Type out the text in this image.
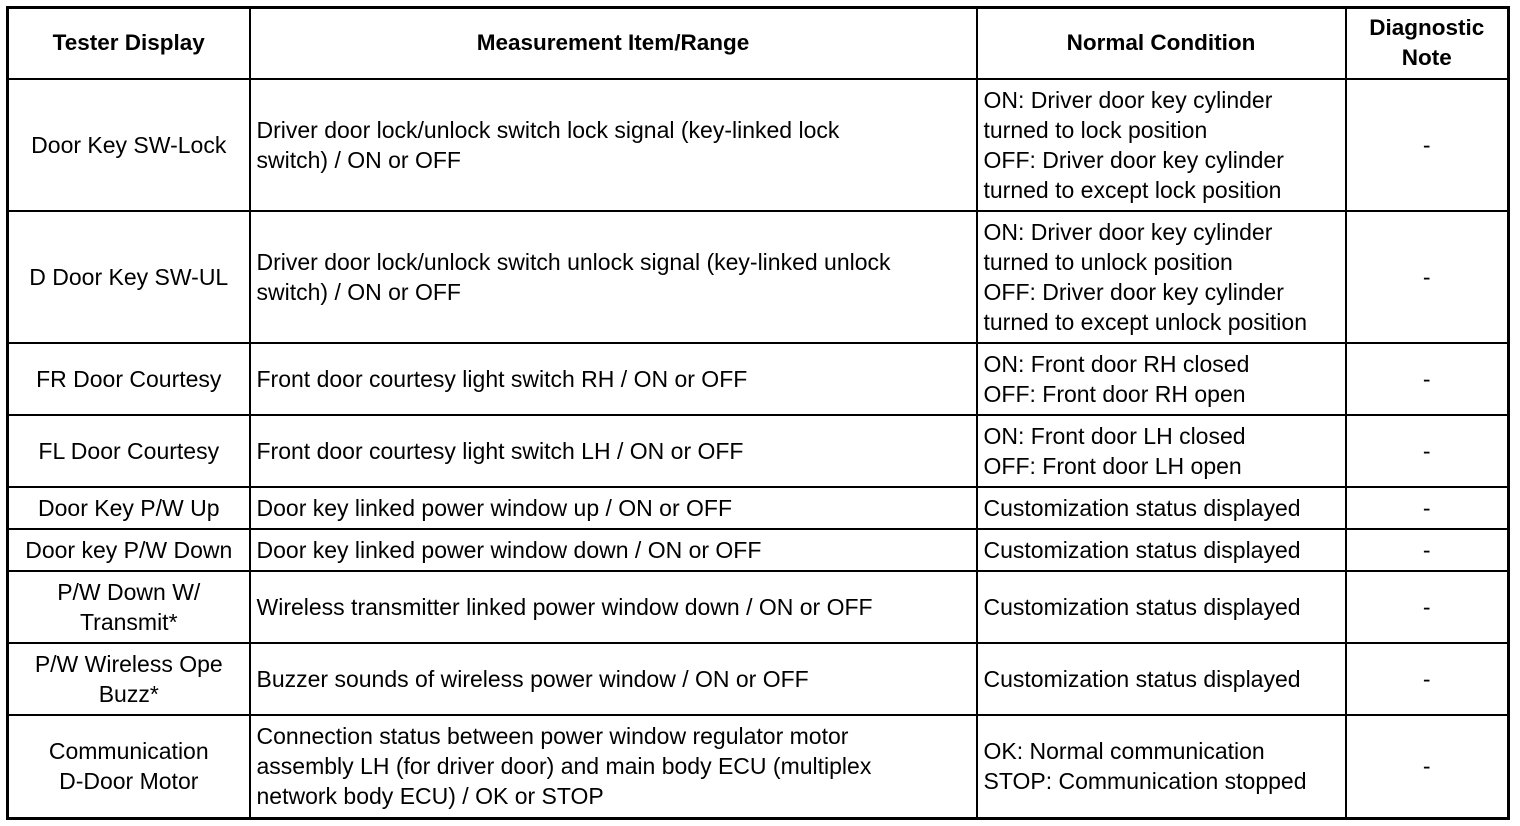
Tester Display	Measurement Item/Range	Normal Condition	Diagnostic
Note

Door Key SW-Lock	Driver door lock/unlock switch lock signal (key-linked lock
switch) / ON or OFF	ON: Driver door key cylinder
turned to lock position
OFF: Driver door key cylinder
turned to except lock position	-

D Door Key SW-UL	Driver door lock/unlock switch unlock signal (key-linked unlock
switch) / ON or OFF	ON: Driver door key cylinder
turned to unlock position
OFF: Driver door key cylinder
turned to except unlock position	-

FR Door Courtesy	Front door courtesy light switch RH / ON or OFF	ON: Front door RH closed
OFF: Front door RH open	-

FL Door Courtesy	Front door courtesy light switch LH / ON or OFF	ON: Front door LH closed
OFF: Front door LH open	-

Door Key P/W Up	Door key linked power window up / ON or OFF	Customization status displayed	-

Door key P/W Down	Door key linked power window down / ON or OFF	Customization status displayed	-

P/W Down W/
Transmit*	Wireless transmitter linked power window down / ON or OFF	Customization status displayed	-

P/W Wireless Ope
Buzz*	Buzzer sounds of wireless power window / ON or OFF	Customization status displayed	-

Communication
D-Door Motor	Connection status between power window regulator motor
assembly LH (for driver door) and main body ECU (multiplex
network body ECU) / OK or STOP	OK: Normal communication
STOP: Communication stopped	-
